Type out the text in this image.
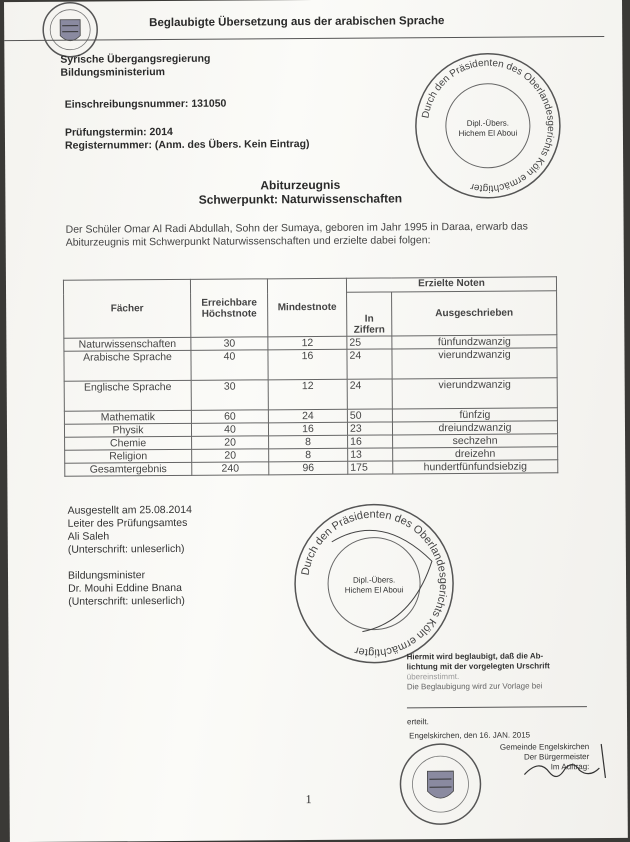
Beglaubigte Übersetzung aus der arabischen Sprache
Syrische Übergangsregierung
Bildungsministerium
Einschreibungsnummer: 131050
Prüfungstermin: 2014
Registernummer: (Anm. des Übers. Kein Eintrag)
Durch den Präsidenten des Oberlandesgerichts Köln ermächtigter
Dipl.-Übers.
Hichem El Aboui
Abiturzeugnis
Schwerpunkt: Naturwissenschaften
Der Schüler Omar Al Radi Abdullah, Sohn der Sumaya, geboren im Jahr 1995 in Daraa, erwarb das Abiturzeugnis mit Schwerpunkt Naturwissenschaften und erzielte dabei folgen:
Fächer	Erreichbare Höchstnote	Mindestnote	Erzielte Noten	
			In Ziffern	Ausgeschrieben
Naturwissenschaften	30	12	25	fünfundzwanzig
Arabische Sprache	40	16	24	vierundzwanzig
Englische Sprache	30	12	24	vierundzwanzig
Mathematik	60	24	50	fünfzig
Physik	40	16	23	dreiundzwanzig
Chemie	20	8	16	sechzehn
Religion	20	8	13	dreizehn
Gesamtergebnis	240	96	175	hundertfünfundsiebzig
Ausgestellt am 25.08.2014
Leiter des Prüfungsamtes
Ali Saleh
(Unterschrift: unleserlich)
Bildungsminister
Dr. Mouhi Eddine Bnana
(Unterschrift: unleserlich)
Durch den Präsidenten des Oberlandesgerichts Köln ermächtigter
Dipl.-Übers.
Hichem El Aboui
Hiermit wird beglaubigt, daß die Ab-
lichtung mit der vorgelegten Urschrift
übereinstimmt.
Die Beglaubigung wird zur Vorlage bei
erteilt.
Engelskirchen, den 16. JAN. 2015
Gemeinde Engelskirchen
Der Bürgermeister
Im Auftrag:
1
